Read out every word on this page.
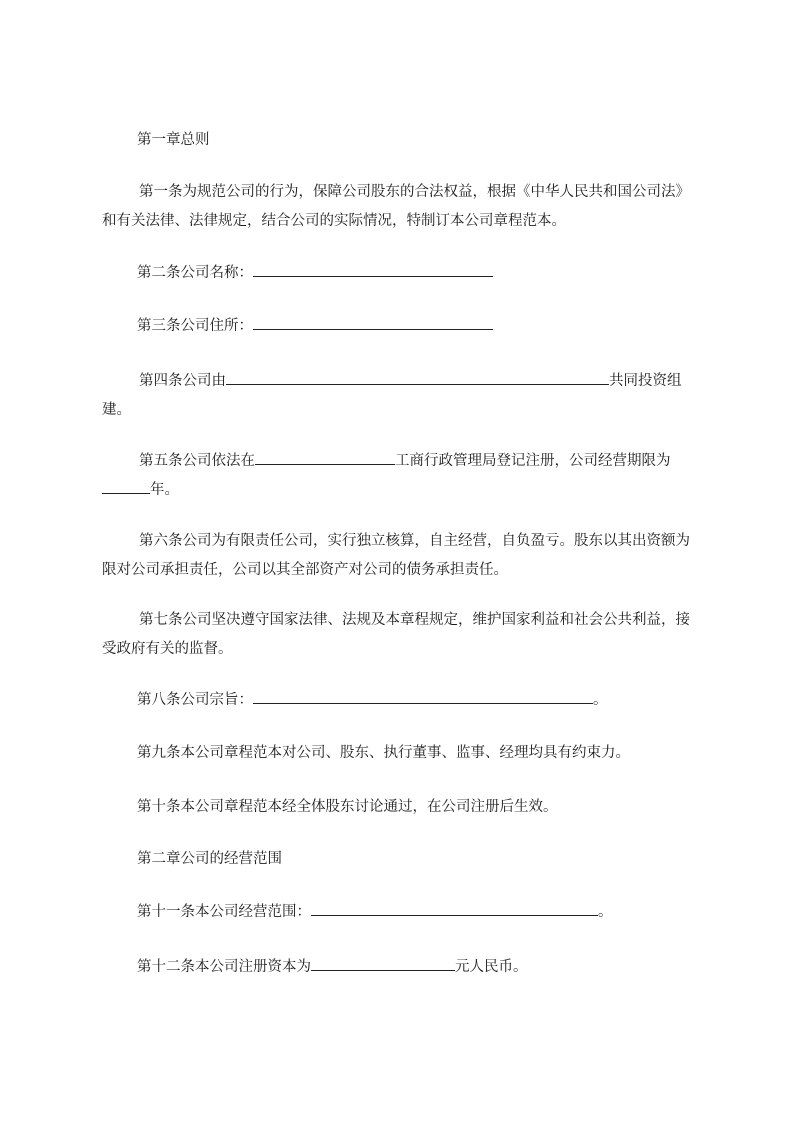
第一章总则

第一条为规范公司的行为，保障公司股东的合法权益，根据《中华人民共和国公司法》和有关法律、法律规定，结合公司的实际情况，特制订本公司章程范本。

第二条公司名称：

第三条公司住所：

第四条公司由	共同投资组建。

第五条公司依法在	工商行政管理局登记注册，公司经营期限为年。

第六条公司为有限责任公司，实行独立核算，自主经营，自负盈亏。股东以其出资额为限对公司承担责任，公司以其全部资产对公司的债务承担责任。

第七条公司坚决遵守国家法律、法规及本章程规定，维护国家利益和社会公共利益，接受政府有关的监督。

第八条公司宗旨：	。

第九条本公司章程范本对公司、股东、执行董事、监事、经理均具有约束力。

第十条本公司章程范本经全体股东讨论通过，在公司注册后生效。

第二章公司的经营范围

第十一条本公司经营范围：	。

第十二条本公司注册资本为	元人民币。
